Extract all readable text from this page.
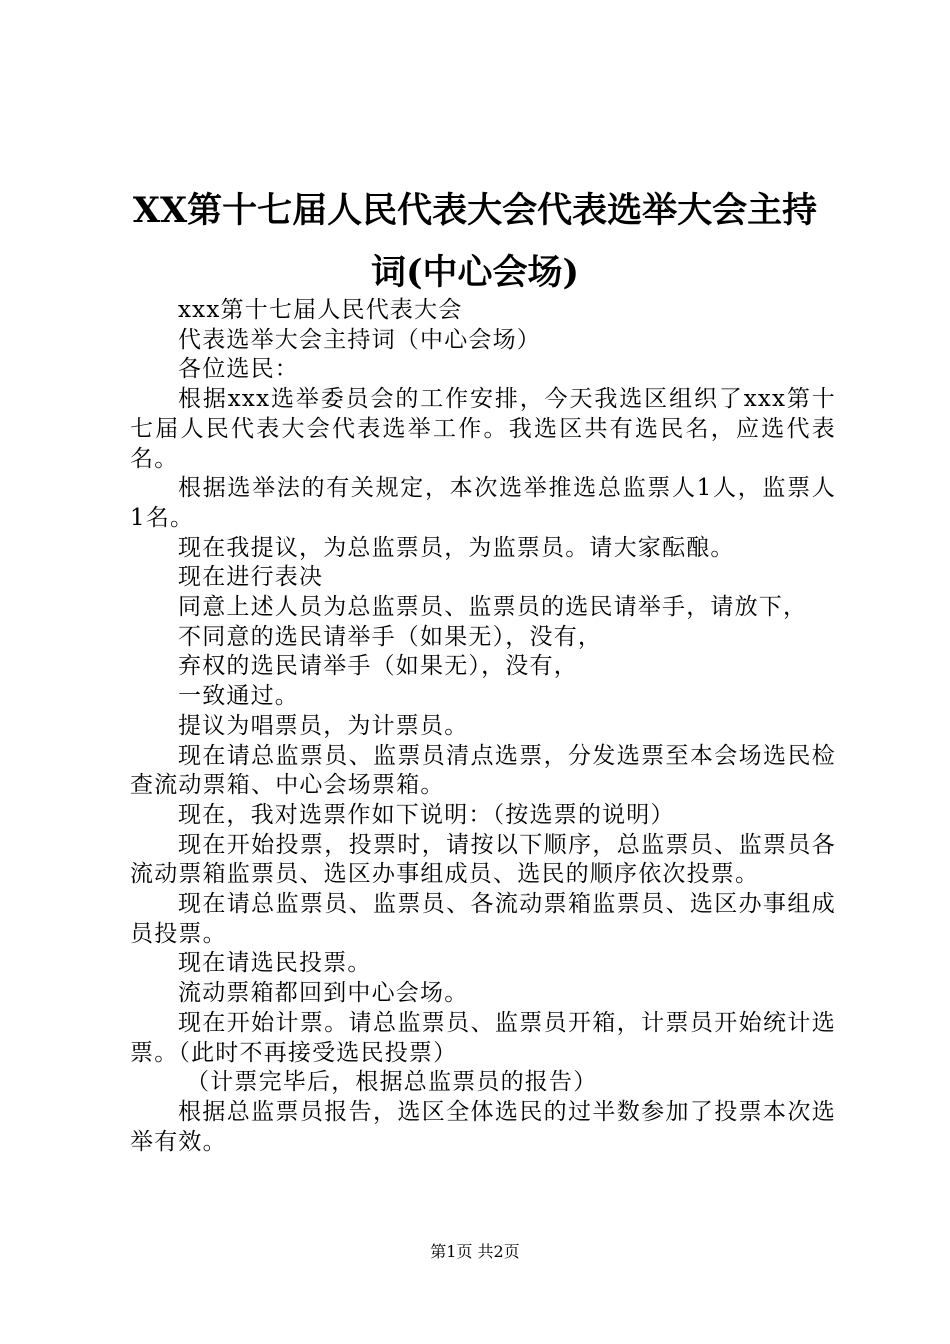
XX第十七届人民代表大会代表选举大会主持
词(中心会场)

xxx第十七届人民代表大会

代表选举大会主持词（中心会场）

各位选民：

根据xxx选举委员会的工作安排，今天我选区组织了xxx第十七届人民代表大会代表选举工作。我选区共有选民名，应选代表名。

根据选举法的有关规定，本次选举推选总监票人1人，监票人1名。

现在我提议，为总监票员，为监票员。请大家酝酿。

现在进行表决

同意上述人员为总监票员、监票员的选民请举手，请放下，

不同意的选民请举手（如果无），没有，

弃权的选民请举手（如果无），没有，

一致通过。

提议为唱票员，为计票员。

现在请总监票员、监票员清点选票，分发选票至本会场选民检查流动票箱、中心会场票箱。

现在，我对选票作如下说明：（按选票的说明）

现在开始投票，投票时，请按以下顺序，总监票员、监票员各流动票箱监票员、选区办事组成员、选民的顺序依次投票。

现在请总监票员、监票员、各流动票箱监票员、选区办事组成员投票。

现在请选民投票。

流动票箱都回到中心会场。

现在开始计票。请总监票员、监票员开箱，计票员开始统计选票。（此时不再接受选民投票）

（计票完毕后，根据总监票员的报告）

根据总监票员报告，选区全体选民的过半数参加了投票本次选举有效。

第1页 共2页
